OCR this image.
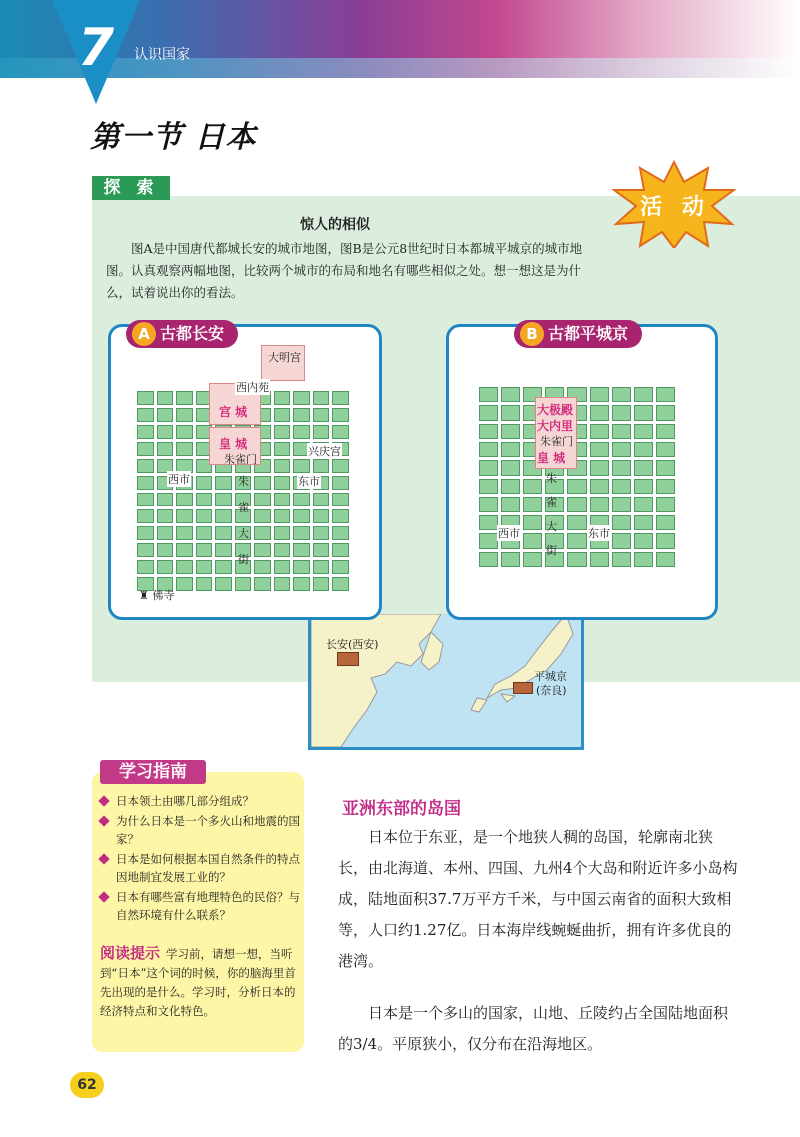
7	认识国家
第一节 日本
探 索
活 动
惊人的相似
图A是中国唐代都城长安的城市地图，图B是公元8世纪时日本都城平城京的城市地图。认真观察两幅地图，比较两个城市的布局和地名有哪些相似之处。想一想这是为什么，试着说出你的看法。
长安(西安)
平城京
(奈良)
大明宫
西内苑
宫 城
皇 城
朱雀门
兴庆宫
西市	东市
朱 雀 大 街
♜ 佛寺
古都长安
A
大极殿
大内里
朱雀门
皇 城
西市	东市
朱 雀 大 街
古都平城京
B
学习指南
日本领土由哪几部分组成？
为什么日本是一个多火山和地震的国家？
日本是如何根据本国自然条件的特点因地制宜发展工业的？
日本有哪些富有地理特色的民俗？与自然环境有什么联系？
阅读提示 学习前，请想一想，当听到“日本”这个词的时候，你的脑海里首先出现的是什么。学习时，分析日本的经济特点和文化特色。
亚洲东部的岛国
日本位于东亚，是一个地狭人稠的岛国，轮廓南北狭长，由北海道、本州、四国、九州4个大岛和附近许多小岛构成，陆地面积37.7万平方千米，与中国云南省的面积大致相等，人口约1.27亿。日本海岸线蜿蜒曲折，拥有许多优良的港湾。
日本是一个多山的国家，山地、丘陵约占全国陆地面积的3/4。平原狭小，仅分布在沿海地区。
62
